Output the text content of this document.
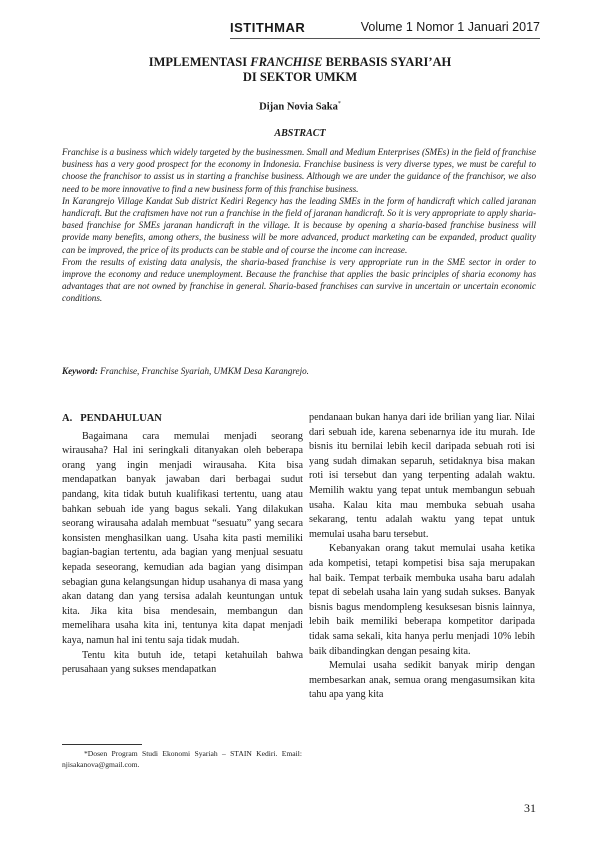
ISTITHMAR	Volume 1 Nomor 1 Januari 2017
IMPLEMENTASI FRANCHISE BERBASIS SYARI’AH
DI SEKTOR UMKM
Dijan Novia Saka*
ABSTRACT

Franchise is a business which widely targeted by the businessmen. Small and Medium Enterprises (SMEs) in the field of franchise business has a very good prospect for the economy in Indonesia. Franchise business is very diverse types, we must be careful to choose the franchisor to assist us in starting a franchise business. Although we are under the guidance of the franchisor, we also need to be more innovative to find a new business form of this franchise business.

In Karangrejo Village Kandat Sub district Kediri Regency has the leading SMEs in the form of handicraft which called jaranan handicraft. But the craftsmen have not run a franchise in the field of jaranan handicraft. So it is very appropriate to apply sharia-based franchise for SMEs jaranan handicraft in the village. It is because by opening a sharia-based franchise business will provide many benefits, among others, the business will be more advanced, product marketing can be expanded, product quality can be improved, the price of its products can be stable and of course the income can increase.

From the results of existing data analysis, the sharia-based franchise is very appropriate run in the SME sector in order to improve the economy and reduce unemployment. Because the franchise that applies the basic principles of sharia economy has advantages that are not owned by franchise in general. Sharia-based franchises can survive in uncertain or uncertain economic conditions.

Keyword: Franchise, Franchise Syariah, UMKM Desa Karangrejo.
A. PENDAHULUAN

Bagaimana cara memulai menjadi seorang wirausaha? Hal ini seringkali ditanyakan oleh beberapa orang yang ingin menjadi wirausaha. Kita bisa mendapatkan banyak jawaban dari berbagai sudut pandang, kita tidak butuh kualifikasi tertentu, uang atau bahkan sebuah ide yang bagus sekali. Yang dilakukan seorang wirausaha adalah membuat “sesuatu” yang secara konsisten menghasilkan uang. Usaha kita pasti memiliki bagian-bagian tertentu, ada bagian yang menjual sesuatu kepada seseorang, kemudian ada bagian yang disimpan sebagian guna kelangsungan hidup usahanya di masa yang akan datang dan yang tersisa adalah keuntungan untuk kita. Jika kita bisa mendesain, membangun dan memelihara usaha kita ini, tentunya kita dapat menjadi kaya, namun hal ini tentu saja tidak mudah.

Tentu kita butuh ide, tetapi ketahuilah bahwa perusahaan yang sukses mendapatkan

pendanaan bukan hanya dari ide brilian yang liar. Nilai dari sebuah ide, karena sebenarnya ide itu murah. Ide bisnis itu bernilai lebih kecil daripada sebuah roti isi yang sudah dimakan separuh, setidaknya bisa makan roti isi tersebut dan yang terpenting adalah waktu. Memilih waktu yang tepat untuk membangun sebuah usaha. Kalau kita mau membuka sebuah usaha sekarang, tentu adalah waktu yang tepat untuk memulai usaha baru tersebut.

Kebanyakan orang takut memulai usaha ketika ada kompetisi, tetapi kompetisi bisa saja merupakan hal baik. Tempat terbaik membuka usaha baru adalah tepat di sebelah usaha lain yang sudah sukses. Banyak bisnis bagus mendompleng kesuksesan bisnis lainnya, lebih baik memiliki beberapa kompetitor daripada tidak sama sekali, kita hanya perlu menjadi 10% lebih baik dibandingkan dengan pesaing kita.

Memulai usaha sedikit banyak mirip dengan membesarkan anak, semua orang mengasumsikan kita tahu apa yang kita

*Dosen Program Studi Ekonomi Syariah – STAIN Kediri. Email: njisakanova@gmail.com.

31
